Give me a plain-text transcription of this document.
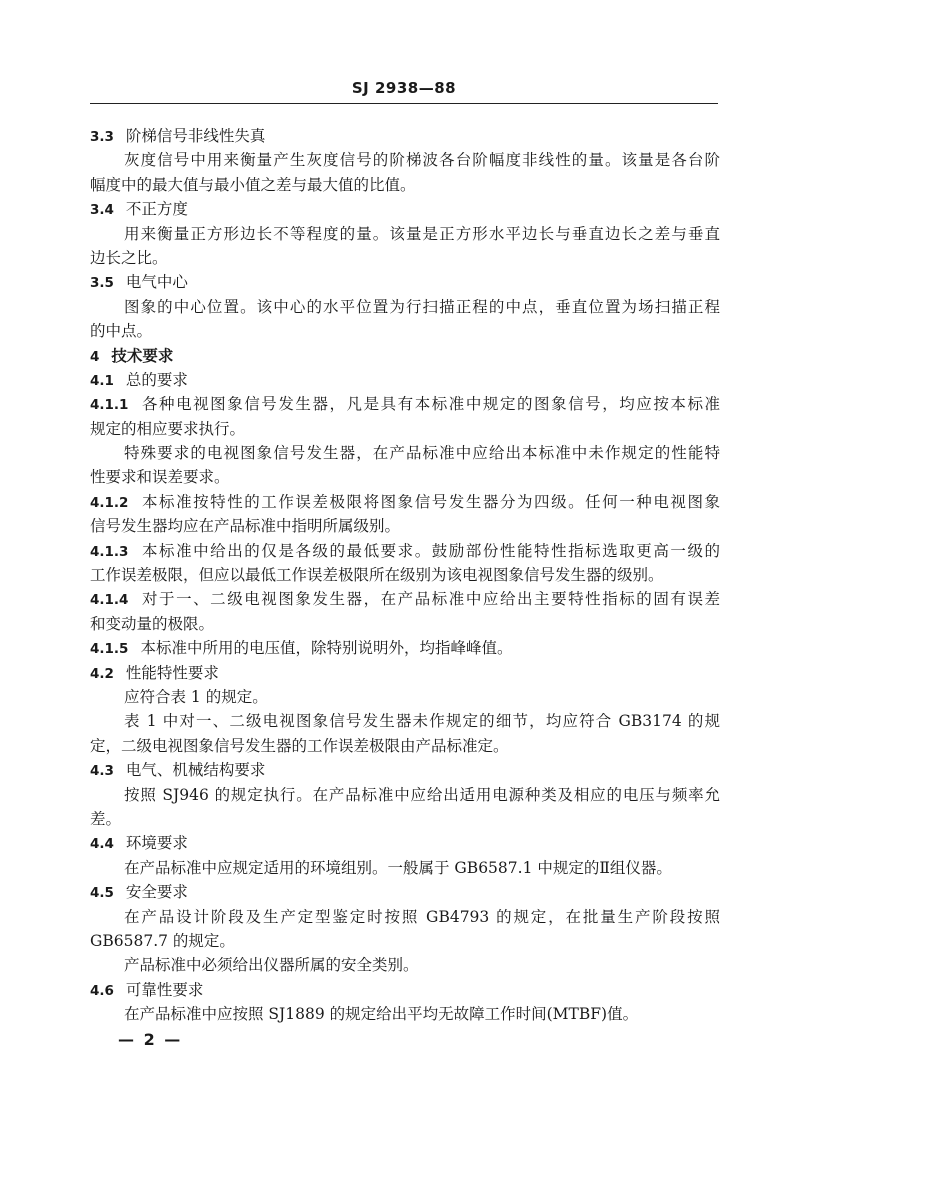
SJ 2938—88
3.3 阶梯信号非线性失真
灰度信号中用来衡量产生灰度信号的阶梯波各台阶幅度非线性的量。该量是各台阶
幅度中的最大值与最小值之差与最大值的比值。
3.4 不正方度
用来衡量正方形边长不等程度的量。该量是正方形水平边长与垂直边长之差与垂直
边长之比。
3.5 电气中心
图象的中心位置。该中心的水平位置为行扫描正程的中点，垂直位置为场扫描正程
的中点。
4 技术要求
4.1 总的要求
4.1.1 各种电视图象信号发生器，凡是具有本标准中规定的图象信号，均应按本标准
规定的相应要求执行。
特殊要求的电视图象信号发生器，在产品标准中应给出本标准中未作规定的性能特
性要求和误差要求。
4.1.2 本标准按特性的工作误差极限将图象信号发生器分为四级。任何一种电视图象
信号发生器均应在产品标准中指明所属级别。
4.1.3 本标准中给出的仅是各级的最低要求。鼓励部份性能特性指标选取更高一级的
工作误差极限，但应以最低工作误差极限所在级别为该电视图象信号发生器的级别。
4.1.4 对于一、二级电视图象发生器，在产品标准中应给出主要特性指标的固有误差
和变动量的极限。
4.1.5 本标准中所用的电压值，除特别说明外，均指峰峰值。
4.2 性能特性要求
应符合表 1 的规定。
表 1 中对一、二级电视图象信号发生器未作规定的细节，均应符合 GB3174 的规
定，二级电视图象信号发生器的工作误差极限由产品标准定。
4.3 电气、机械结构要求
按照 SJ946 的规定执行。在产品标准中应给出适用电源种类及相应的电压与频率允
差。
4.4 环境要求
在产品标准中应规定适用的环境组别。一般属于 GB6587.1 中规定的Ⅱ组仪器。
4.5 安全要求
在产品设计阶段及生产定型鉴定时按照 GB4793 的规定，在批量生产阶段按照
GB6587.7 的规定。
产品标准中必须给出仪器所属的安全类别。
4.6 可靠性要求
在产品标准中应按照 SJ1889 的规定给出平均无故障工作时间(MTBF)值。
— 2 —
